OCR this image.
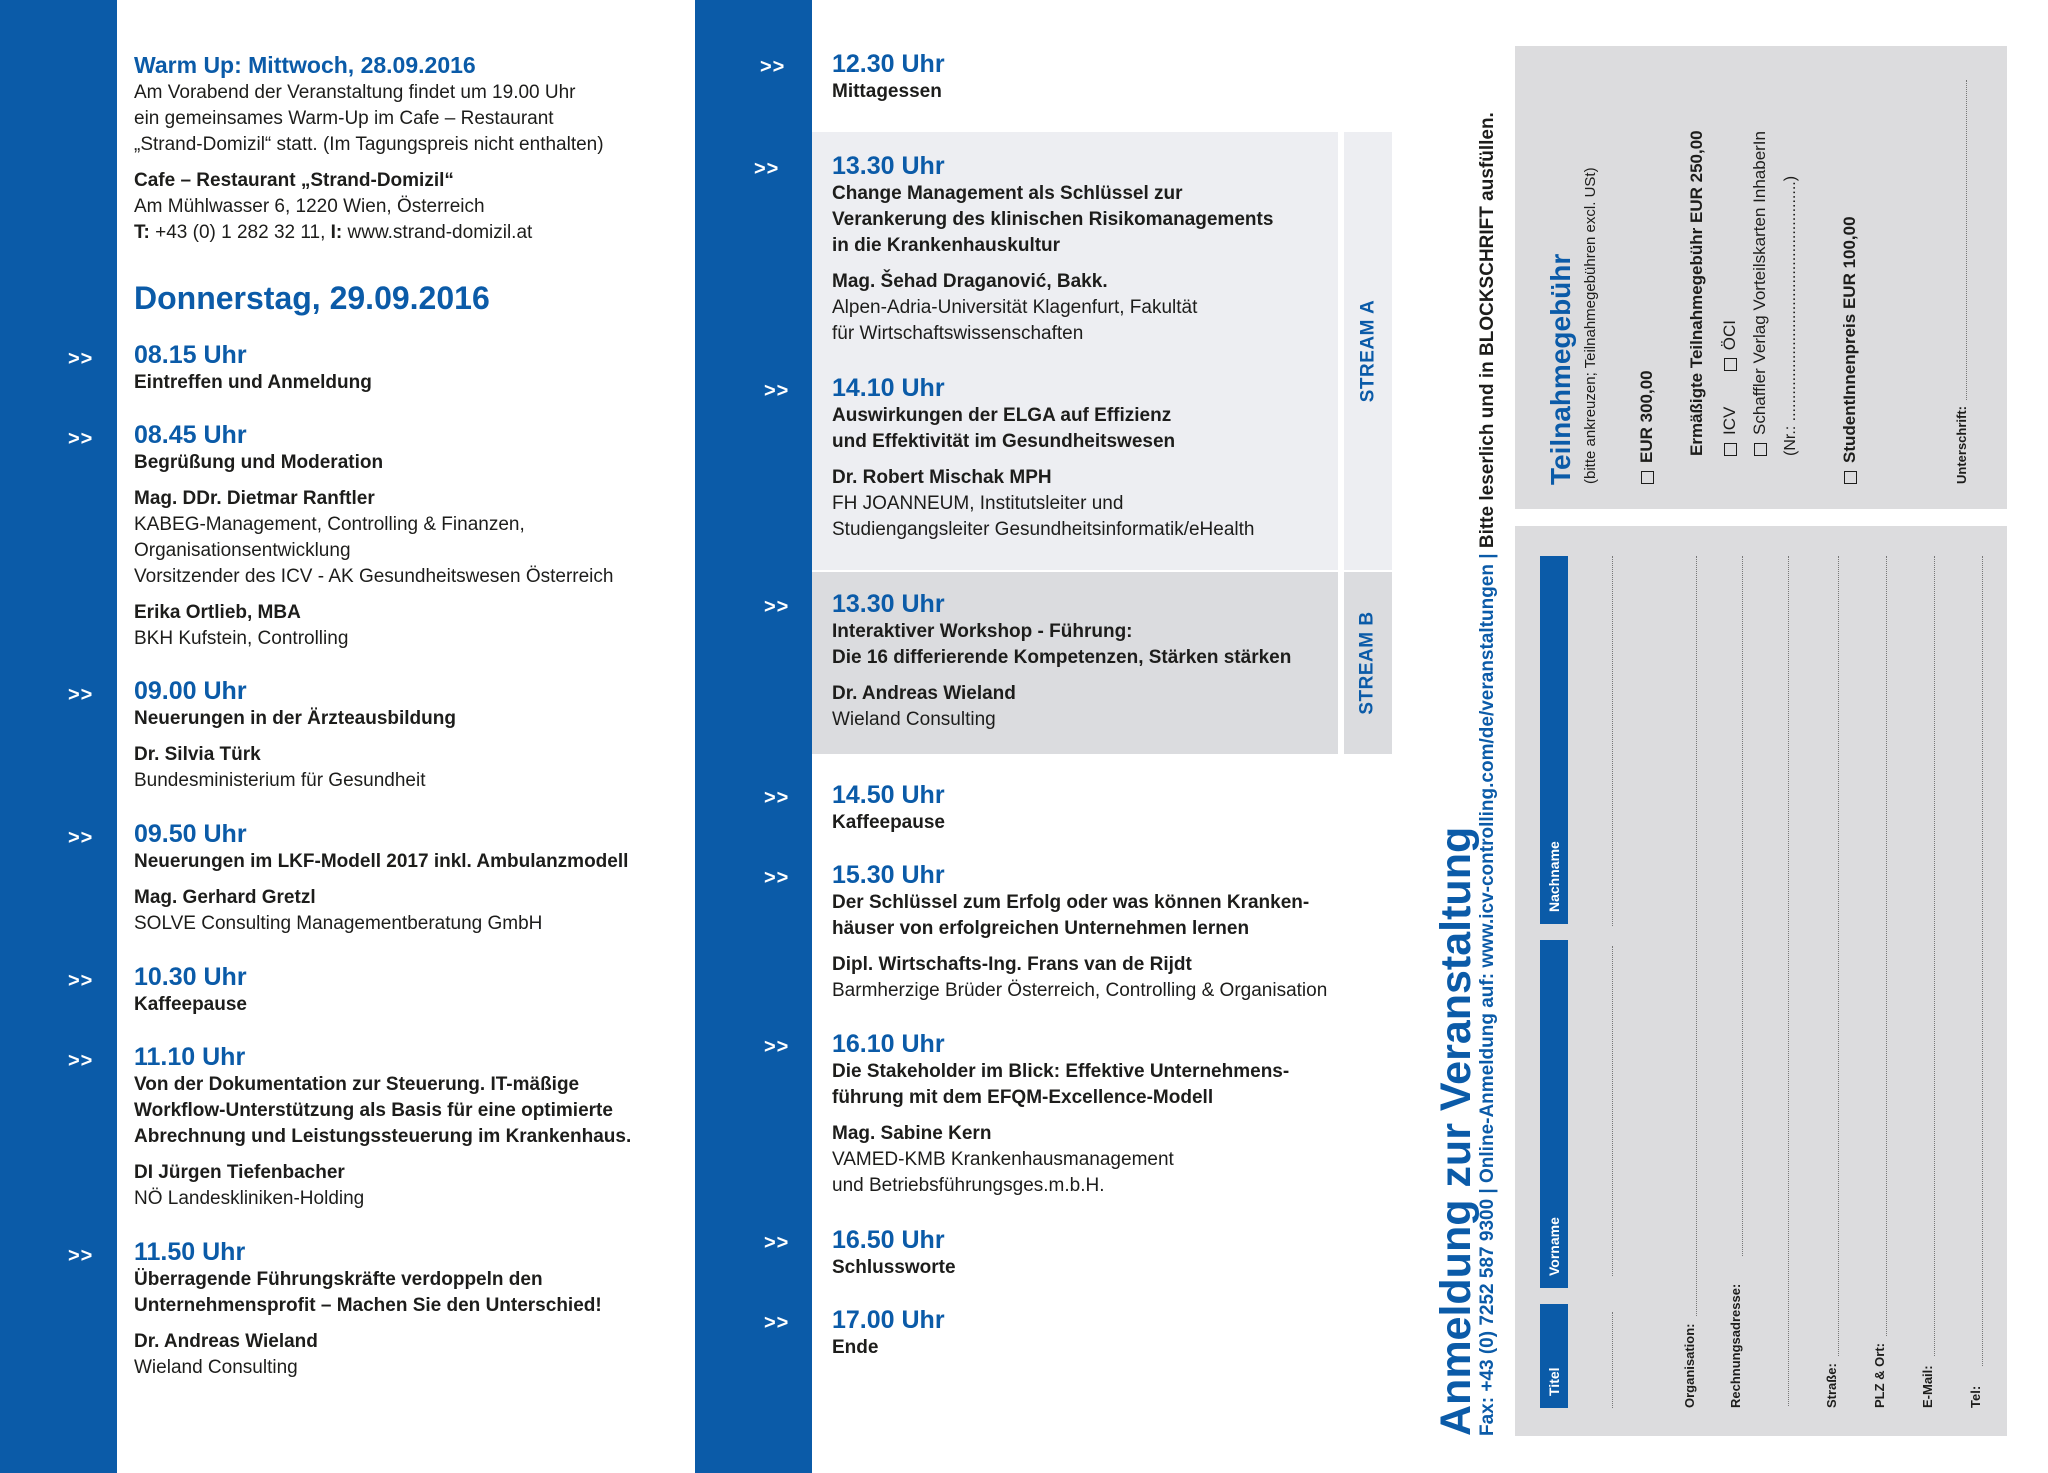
Warm Up: Mittwoch, 28.09.2016
Am Vorabend der Veranstaltung findet um 19.00 Uhr
ein gemeinsames Warm-Up im Cafe – Restaurant
„Strand-Domizil“ statt. (Im Tagungspreis nicht enthalten)
Cafe – Restaurant „Strand-Domizil“
Am Mühlwasser 6, 1220 Wien, Österreich
T: +43 (0) 1 282 32 11, I: www.strand-domizil.at
Donnerstag, 29.09.2016
>> 08.15 Uhr
Eintreffen und Anmeldung
>> 08.45 Uhr
Begrüßung und Moderation
Mag. DDr. Dietmar Ranftler
KABEG-Management, Controlling & Finanzen,
Organisationsentwicklung
Vorsitzender des ICV - AK Gesundheitswesen Österreich
Erika Ortlieb, MBA
BKH Kufstein, Controlling
>> 09.00 Uhr
Neuerungen in der Ärzteausbildung
Dr. Silvia Türk
Bundesministerium für Gesundheit
>> 09.50 Uhr
Neuerungen im LKF-Modell 2017 inkl. Ambulanzmodell
Mag. Gerhard Gretzl
SOLVE Consulting Managementberatung GmbH
>> 10.30 Uhr
Kaffeepause
>> 11.10 Uhr
Von der Dokumentation zur Steuerung. IT-mäßige
Workflow-Unterstützung als Basis für eine optimierte
Abrechnung und Leistungssteuerung im Krankenhaus.
DI Jürgen Tiefenbacher
NÖ Landeskliniken-Holding
>> 11.50 Uhr
Überragende Führungskräfte verdoppeln den
Unternehmensprofit – Machen Sie den Unterschied!
Dr. Andreas Wieland
Wieland Consulting
STREAM A
STREAM B
>> 12.30 Uhr
Mittagessen
>> 13.30 Uhr
Change Management als Schlüssel zur
Verankerung des klinischen Risikomanagements
in die Krankenhauskultur
Mag. Šehad Draganović, Bakk.
Alpen-Adria-Universität Klagenfurt, Fakultät
für Wirtschaftswissenschaften
>> 14.10 Uhr
Auswirkungen der ELGA auf Effizienz
und Effektivität im Gesundheitswesen
Dr. Robert Mischak MPH
FH JOANNEUM, Institutsleiter und
Studiengangsleiter Gesundheitsinformatik/eHealth
>> 13.30 Uhr
Interaktiver Workshop - Führung:
Die 16 differierende Kompetenzen, Stärken stärken
Dr. Andreas Wieland
Wieland Consulting
>> 14.50 Uhr
Kaffeepause
>> 15.30 Uhr
Der Schlüssel zum Erfolg oder was können Kranken-
häuser von erfolgreichen Unternehmen lernen
Dipl. Wirtschafts-Ing. Frans van de Rijdt
Barmherzige Brüder Österreich, Controlling & Organisation
>> 16.10 Uhr
Die Stakeholder im Blick: Effektive Unternehmens-
führung mit dem EFQM-Excellence-Modell
Mag. Sabine Kern
VAMED-KMB Krankenhausmanagement
und Betriebsführungsges.m.b.H.
>> 16.50 Uhr
Schlussworte
>> 17.00 Uhr
Ende	Anmeldung zur Veranstaltung
Fax: +43 (0) 7252 587 9300 | Online-Anmeldung auf: www.icv-controlling.com/de/veranstaltungen | Bitte leserlich und in BLOCKSCHRIFT ausfüllen. Teilnahmegebühr (bitte ankreuzen; Teilnahmegebühren excl. USt) EUR 300,00 Ermäßigte Teilnahmegebühr EUR 250,00 ICV  ÖCI Schaffler Verlag Vorteilskarten InhaberIn (Nr.: ......................................................) StudentInnenpreis EUR 100,00	Unterschrift:
Titel
Vorname
Nachname
Organisation: Rechnungsadresse:	Straße:	PLZ & Ort:	E-Mail:	Tel:
